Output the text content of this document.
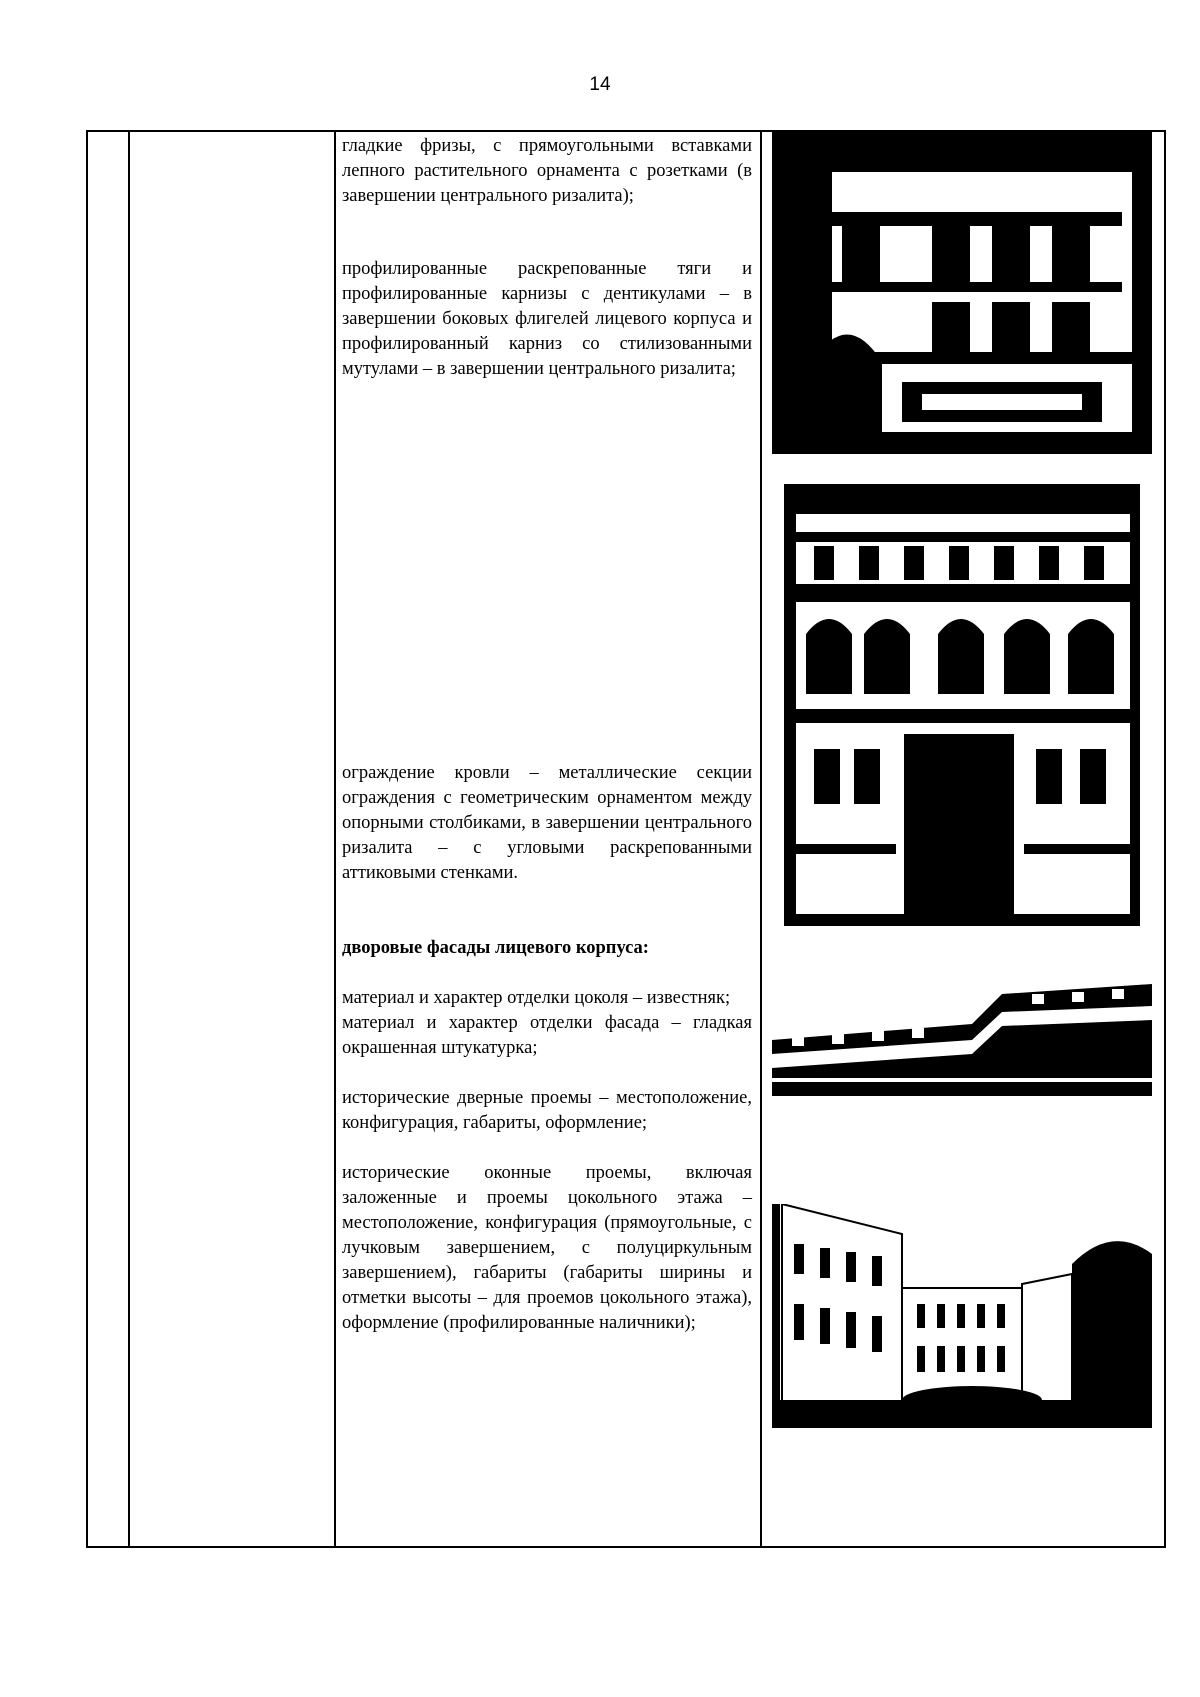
14

гладкие фризы, с прямоугольными вставками лепного растительного орнамента с розетками (в завершении центрального ризалита);

профилированные раскрепованные тяги и профилированные карнизы с дентикулами – в завершении боковых флигелей лицевого корпуса и профилированный карниз со стилизованными мутулами – в завершении центрального ризалита;

ограждение кровли – металлические секции ограждения с геометрическим орнаментом между опорными столбиками, в завершении центрального ризалита – с угловыми раскрепованными аттиковыми стенками.

дворовые фасады лицевого корпуса:

материал и характер отделки цоколя – известняк;

материал и характер отделки фасада – гладкая окрашенная штукатурка;

исторические дверные проемы – местоположение, конфигурация, габариты, оформление;

исторические оконные проемы, включая заложенные и проемы цокольного этажа – местоположение, конфигурация (прямоугольные, с лучковым завершением, с полуциркульным завершением), габариты (габариты ширины и отметки высоты – для проемов цокольного этажа), оформление (профилированные наличники);
